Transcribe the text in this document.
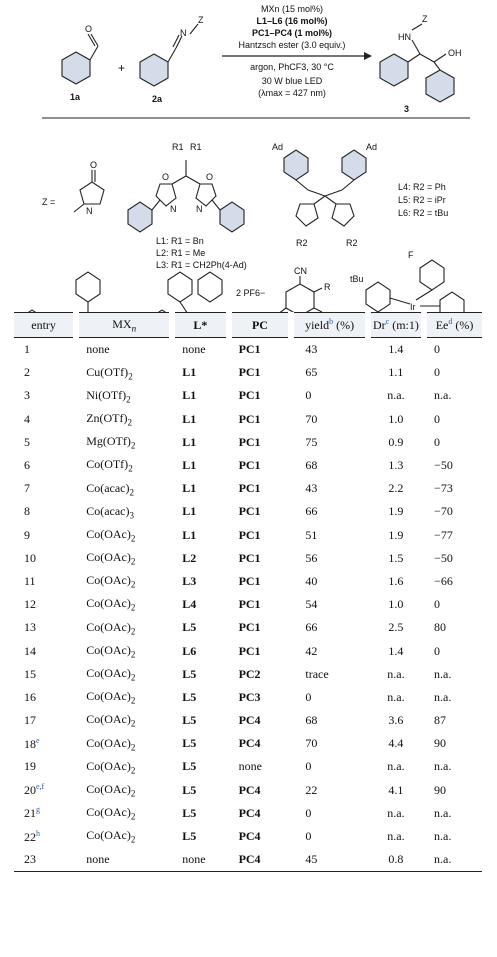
O
1a
+
N
Z
2a
MXn (15 mol%)
L1–L6 (16 mol%)
PC1–PC4 (1 mol%)
Hantzsch ester (3.0 equiv.)
argon, PhCF3, 30 °C
30 W blue LED
(λmax = 427 nm)
HN
Z
OH
3
Z =
O
N
R1 R1
O	O
N N
L1: R1 = Bn
L2: R1 = Me
L3: R1 = CH2Ph(4-Ad)
Ad	Ad
R2	R2
L4: R2 = Ph
L5: R2 = iPr
L6: R2 = tBu
2 PF6−
CN
R
Ir
tBu
F
entry	$MX_n$	L*	PC	yield$^b$ (%)	Dr$^c$ (m:1)	Ee$^d$ (%)
1	none	none	PC1	43	1.4	0
2	$Cu(OTf)_2$	L1	PC1	65	1.1	0
3	$Ni(OTf)_2$	L1	PC1	0	n.a.	n.a.
4	$Zn(OTf)_2$	L1	PC1	70	1.0	0
5	$Mg(OTf)_2$	L1	PC1	75	0.9	0
6	$Co(OTf)_2$	L1	PC1	68	1.3	−50
7	$Co(acac)_2$	L1	PC1	43	2.2	−73
8	$Co(acac)_3$	L1	PC1	66	1.9	−70
9	$Co(OAc)_2$	L1	PC1	51	1.9	−77
10	$Co(OAc)_2$	L2	PC1	56	1.5	−50
11	$Co(OAc)_2$	L3	PC1	40	1.6	−66
12	$Co(OAc)_2$	L4	PC1	54	1.0	0
13	$Co(OAc)_2$	L5	PC1	66	2.5	80
14	$Co(OAc)_2$	L6	PC1	42	1.4	0
15	$Co(OAc)_2$	L5	PC2	trace	n.a.	n.a.
16	$Co(OAc)_2$	L5	PC3	0	n.a.	n.a.
17	$Co(OAc)_2$	L5	PC4	68	3.6	87
18e	$Co(OAc)_2$	L5	PC4	70	4.4	90
19	$Co(OAc)_2$	L5	none	0	n.a.	n.a.
20$^{e,f}$	$Co(OAc)_2$	L5	PC4	22	4.1	90
21$^g$	$Co(OAc)_2$	L5	PC4	0	n.a.	n.a.
22$^h$	$Co(OAc)_2$	L5	PC4	0	n.a.	n.a.
23	none	none	PC4	45	0.8	n.a.
